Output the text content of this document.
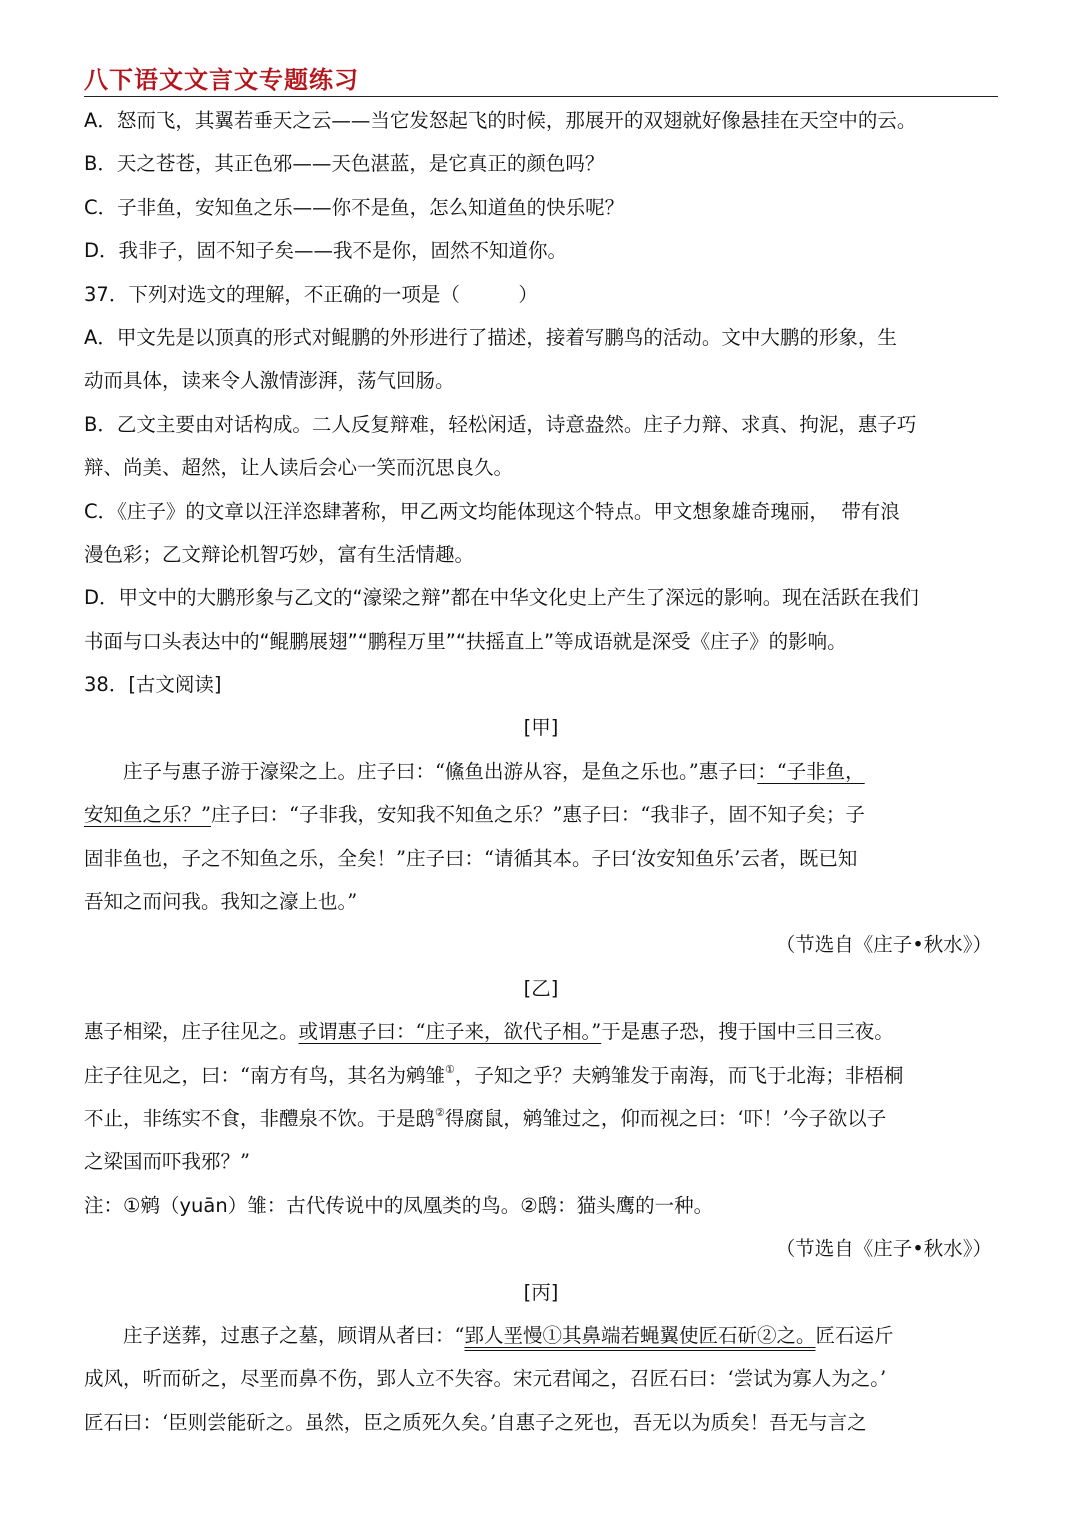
八下语文文言文专题练习

A．怒而飞，其翼若垂天之云——当它发怒起飞的时候，那展开的双翅就好像悬挂在天空中的云。

B．天之苍苍，其正色邪——天色湛蓝，是它真正的颜色吗？

C．子非鱼，安知鱼之乐——你不是鱼，怎么知道鱼的快乐呢？

D．我非子，固不知子矣——我不是你，固然不知道你。

37．下列对选文的理解，不正确的一项是（　　　）

A．甲文先是以顶真的形式对鲲鹏的外形进行了描述，接着写鹏鸟的活动。文中大鹏的形象，生

动而具体，读来令人激情澎湃，荡气回肠。

B．乙文主要由对话构成。二人反复辩难，轻松闲适，诗意盎然。庄子力辩、求真、拘泥，惠子巧

辩、尚美、超然，让人读后会心一笑而沉思良久。

C．《庄子》的文章以汪洋恣肆著称，甲乙两文均能体现这个特点。甲文想象雄奇瑰丽，  带有浪

漫色彩；乙文辩论机智巧妙，富有生活情趣。

D．甲文中的大鹏形象与乙文的“濠梁之辩”都在中华文化史上产生了深远的影响。现在活跃在我们

书面与口头表达中的“鲲鹏展翅”“鹏程万里”“扶摇直上”等成语就是深受《庄子》的影响。

38．[古文阅读]

[甲]

庄子与惠子游于濠梁之上。庄子曰：“鯈鱼出游从容，是鱼之乐也。”惠子曰：“子非鱼，

安知鱼之乐？”庄子曰：“子非我，安知我不知鱼之乐？”惠子曰：“我非子，固不知子矣；子

固非鱼也，子之不知鱼之乐，全矣！”庄子曰：“请循其本。子曰‘汝安知鱼乐’云者，既已知

吾知之而问我。我知之濠上也。”

（节选自《庄子•秋水》）

[乙]

惠子相梁，庄子往见之。或谓惠子曰：“庄子来，欲代子相。”于是惠子恐，搜于国中三日三夜。

庄子往见之，曰：“南方有鸟，其名为鹓雏①，子知之乎？夫鹓雏发于南海，而飞于北海；非梧桐

不止，非练实不食，非醴泉不饮。于是鸱②得腐鼠，鹓雏过之，仰而视之曰：‘吓！’今子欲以子

之梁国而吓我邪？”

注：①鹓（yuān）雏：古代传说中的凤凰类的鸟。②鸱：猫头鹰的一种。

（节选自《庄子•秋水》）

[丙]

庄子送葬，过惠子之墓，顾谓从者曰：“郢人垩慢①其鼻端若蝇翼使匠石斫②之。匠石运斤

成风，听而斫之，尽垩而鼻不伤，郢人立不失容。宋元君闻之，召匠石曰：‘尝试为寡人为之。’

匠石曰：‘臣则尝能斫之。虽然，臣之质死久矣。’自惠子之死也，吾无以为质矣！吾无与言之
